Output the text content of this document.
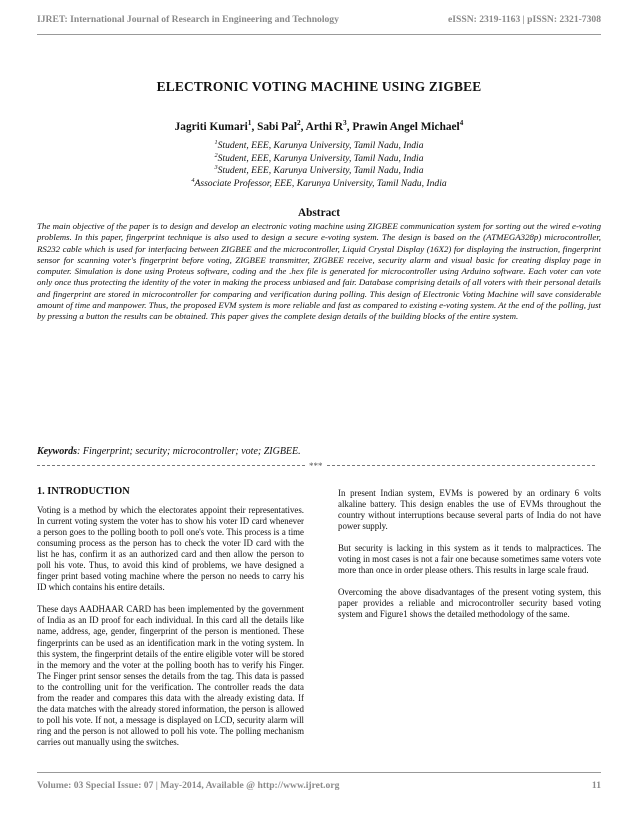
IJRET: International Journal of Research in Engineering and Technology	eISSN: 2319-1163 | pISSN: 2321-7308
ELECTRONIC VOTING MACHINE USING ZIGBEE
Jagriti Kumari$^1$, Sabi Pal$^2$, Arthi $R^3$, Prawin Angel Michael$^4$
$^1$Student, EEE, Karunya University, Tamil Nadu, India
$^2$Student, EEE, Karunya University, Tamil Nadu, India
$^3$Student, EEE, Karunya University, Tamil Nadu, India
$^4$Associate Professor, EEE, Karunya University, Tamil Nadu, India
Abstract
The main objective of the paper is to design and develop an electronic voting machine using ZIGBEE communication system for sorting out the wired e-voting problems. In this paper, fingerprint technique is also used to design a secure e-voting system. The design is based on the (ATMEGA328p) microcontroller, RS232 cable which is used for interfacing between ZIGBEE and the microcontroller, Liquid Crystal Display (16X2) for displaying the instruction, fingerprint sensor for scanning voter's fingerprint before voting, ZIGBEE transmitter, ZIGBEE receive, security alarm and visual basic for creating display page in computer. Simulation is done using Proteus software, coding and the .hex file is generated for microcontroller using Arduino software. Each voter can vote only once thus protecting the identity of the voter in making the process unbiased and fair. Database comprising details of all voters with their personal details and fingerprint are stored in microcontroller for comparing and verification during polling. This design of Electronic Voting Machine will save considerable amount of time and manpower. Thus, the proposed EVM system is more reliable and fast as compared to existing e-voting system. At the end of the polling, just by pressing a button the results can be obtained. This paper gives the complete design details of the building blocks of the entire system.
Keywords: Fingerprint; security; microcontroller; vote; ZIGBEE.
***
1. INTRODUCTION

Voting is a method by which the electorates appoint their representatives. In current voting system the voter has to show his voter ID card whenever a person goes to the polling booth to poll one's vote. This process is a time consuming process as the person has to check the voter ID card with the list he has, confirm it as an authorized card and then allow the person to poll his vote. Thus, to avoid this kind of problems, we have designed a finger print based voting machine where the person no needs to carry his ID which contains his entire details.

These days AADHAAR CARD has been implemented by the government of India as an ID proof for each individual. In this card all the details like name, address, age, gender, fingerprint of the person is mentioned. These fingerprints can be used as an identification mark in the voting system. In this system, the fingerprint details of the entire eligible voter will be stored in the memory and the voter at the polling booth has to verify his Finger. The Finger print sensor senses the details from the tag. This data is passed to the controlling unit for the verification. The controller reads the data from the reader and compares this data with the already existing data. If the data matches with the already stored information, the person is allowed to poll his vote. If not, a message is displayed on LCD, security alarm will ring and the person is not allowed to poll his vote. The polling mechanism carries out manually using the switches.

In present Indian system, EVMs is powered by an ordinary 6 volts alkaline battery. This design enables the use of EVMs throughout the country without interruptions because several parts of India do not have power supply.

But security is lacking in this system as it tends to malpractices. The voting in most cases is not a fair one because sometimes same voters vote more than once in order please others. This results in large scale fraud.

Overcoming the above disadvantages of the present voting system, this paper provides a reliable and microcontroller security based voting system and Figure1 shows the detailed methodology of the same.

Volume: 03 Special Issue: 07 | May-2014, Available @ http://www.ijret.org	11
